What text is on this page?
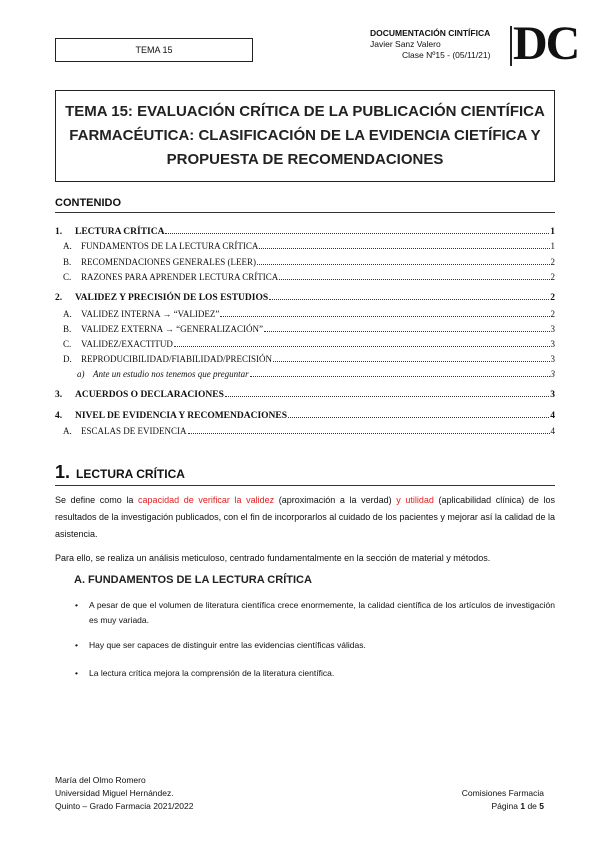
TEMA 15
DOCUMENTACIÓN CINTÍFICA
Javier Sanz Valero
Clase Nº15 - (05/11/21) DC
TEMA 15: EVALUACIÓN CRÍTICA DE LA PUBLICACIÓN CIENTÍFICA
FARMACÉUTICA: CLASIFICACIÓN DE LA EVIDENCIA CIETÍFICA Y
PROPUESTA DE RECOMENDACIONES
CONTENIDO
1.	LECTURA CRÍTICA	1
A.	FUNDAMENTOS DE LA LECTURA CRÍTICA	1
B.	RECOMENDACIONES GENERALES (LEER)	2
C.	RAZONES PARA APRENDER LECTURA CRÍTICA	2
2.	VALIDEZ Y PRECISIÓN DE LOS ESTUDIOS	2
A.	VALIDEZ INTERNA → “VALIDEZ”	2
B.	VALIDEZ EXTERNA → “GENERALIZACIÓN”	3
C.	VALIDEZ/EXACTITUD	3
D.	REPRODUCIBILIDAD/FIABILIDAD/PRECISIÓN	3
a) Ante un estudio nos tenemos que preguntar	3
3.	ACUERDOS O DECLARACIONES	3
4.	NIVEL DE EVIDENCIA Y RECOMENDACIONES	4
A.	ESCALAS DE EVIDENCIA	4
1. LECTURA CRÍTICA
Se define como la capacidad de verificar la validez (aproximación a la verdad) y utilidad (aplicabilidad clínica) de los resultados de la investigación publicados, con el fin de incorporarlos al cuidado de los pacientes y mejorar así la calidad de la asistencia.
Para ello, se realiza un análisis meticuloso, centrado fundamentalmente en la sección de material y métodos.
A. FUNDAMENTOS DE LA LECTURA CRÍTICA
•	A pesar de que el volumen de literatura científica crece enormemente, la calidad científica de los artículos de investigación es muy variada.
•	Hay que ser capaces de distinguir entre las evidencias científicas válidas.
•	La lectura crítica mejora la comprensión de la literatura científica.
María del Olmo Romero
Universidad Miguel Hernández.
Quinto – Grado Farmacia 2021/2022
Comisiones Farmacia
Página 1 de 5
